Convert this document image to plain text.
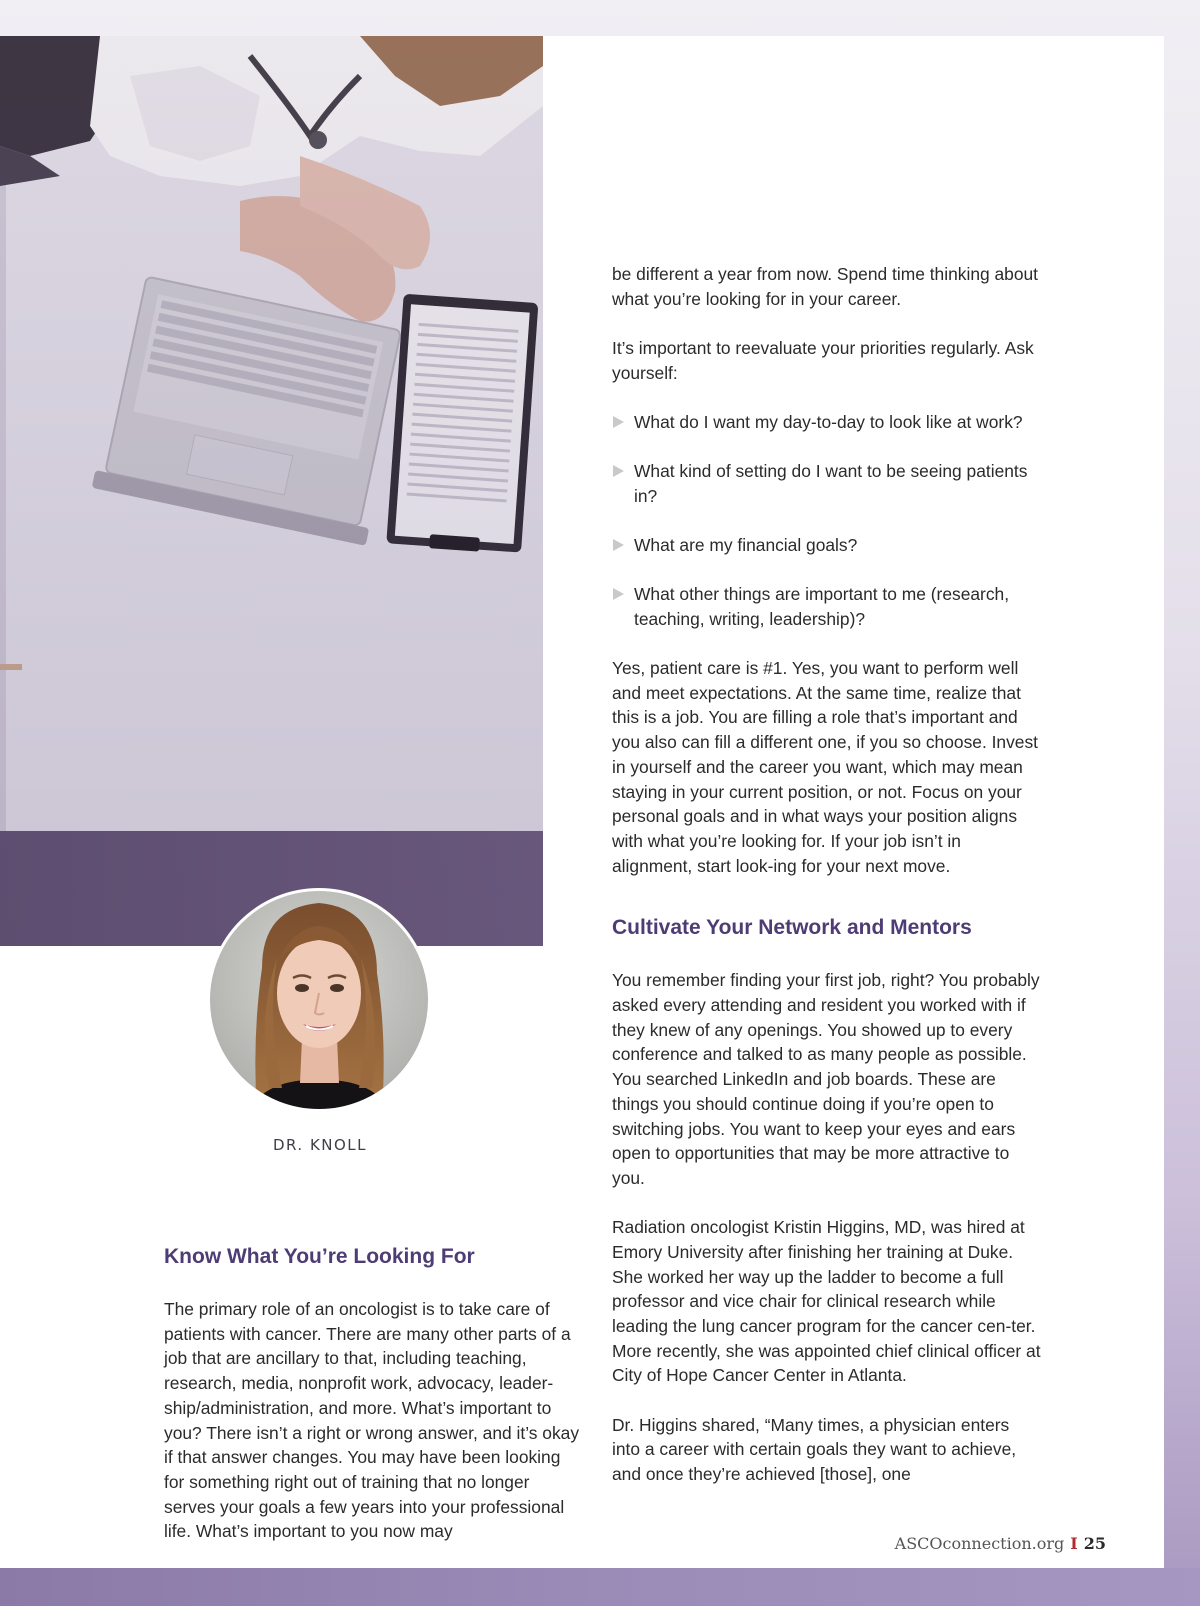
DR. KNOLL
Know What You’re Looking For

The primary role of an oncologist is to take care of patients with cancer. There are many other parts of a job that are ancillary to that, including teaching, research, media, nonprofit work, advocacy, leader-ship/administration, and more. What’s important to you? There isn’t a right or wrong answer, and it’s okay if that answer changes. You may have been looking for something right out of training that no longer serves your goals a few years into your professional life. What’s important to you now may

be different a year from now. Spend time thinking about what you’re looking for in your career.

It’s important to reevaluate your priorities regularly. Ask yourself:

What do I want my day-to-day to look like at work?
What kind of setting do I want to be seeing patients in?
What are my financial goals?
What other things are important to me (research, teaching, writing, leadership)?

Yes, patient care is #1. Yes, you want to perform well and meet expectations. At the same time, realize that this is a job. You are filling a role that’s important and you also can fill a different one, if you so choose. Invest in yourself and the career you want, which may mean staying in your current position, or not. Focus on your personal goals and in what ways your position aligns with what you’re looking for. If your job isn’t in alignment, start look-ing for your next move.

Cultivate Your Network and Mentors

You remember finding your first job, right? You probably asked every attending and resident you worked with if they knew of any openings. You showed up to every conference and talked to as many people as possible. You searched LinkedIn and job boards. These are things you should continue doing if you’re open to switching jobs. You want to keep your eyes and ears open to opportunities that may be more attractive to you.

Radiation oncologist Kristin Higgins, MD, was hired at Emory University after finishing her training at Duke. She worked her way up the ladder to become a full professor and vice chair for clinical research while leading the lung cancer program for the cancer cen-ter. More recently, she was appointed chief clinical officer at City of Hope Cancer Center in Atlanta.

Dr. Higgins shared, “Many times, a physician enters into a career with certain goals they want to achieve, and once they’re achieved [those], one

ASCOconnection.org I 25
